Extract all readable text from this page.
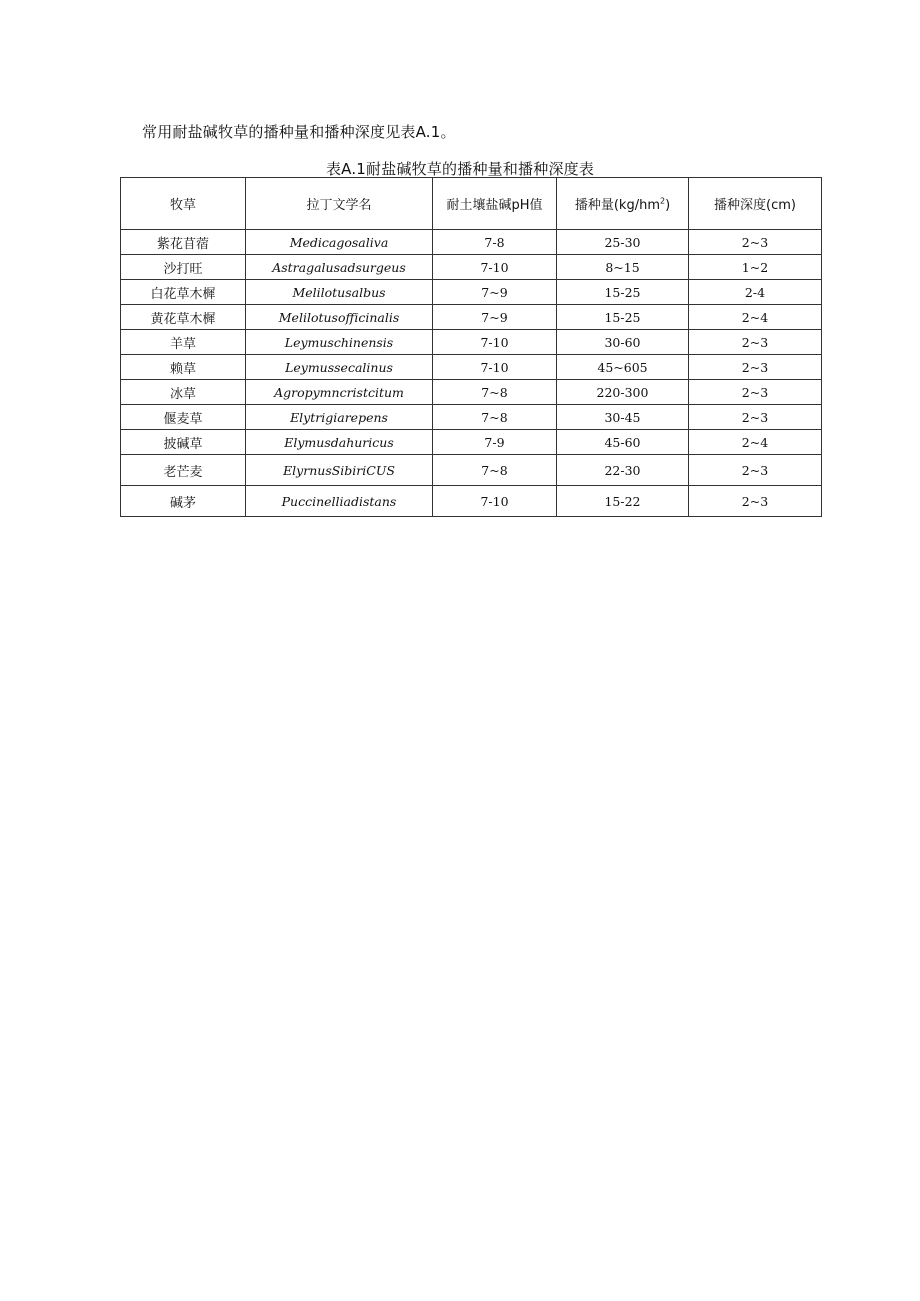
常用耐盐碱牧草的播种量和播种深度见表A.1。

表A.1耐盐碱牧草的播种量和播种深度表

牧草	拉丁文学名	耐土壤盐碱pH值	播种量$(kg/hm^2)$	播种深度(cm)
紫花苜蓿	Medicagosaliva	7-8	25-30	2~3
沙打旺	Astragalusadsurgeus	7-10	8~15	1~2
白花草木樨	Melilotusalbus	7~9	15-25	2-4
黄花草木樨	Melilotusofficinalis	7~9	15-25	2~4
羊草	Leymuschinensis	7-10	30-60	2~3
赖草	Leymussecalinus	7-10	45~605	2~3
冰草	Agropymncristcitum	7~8	220-300	2~3
偃麦草	Elytrigiarepens	7~8	30-45	2~3
披碱草	Elymusdahuricus	7-9	45-60	2~4
老芒麦	ElyrnusSibiriCUS	7~8	22-30	2~3
碱茅	Puccinelliadistans	7-10	15-22	2~3
